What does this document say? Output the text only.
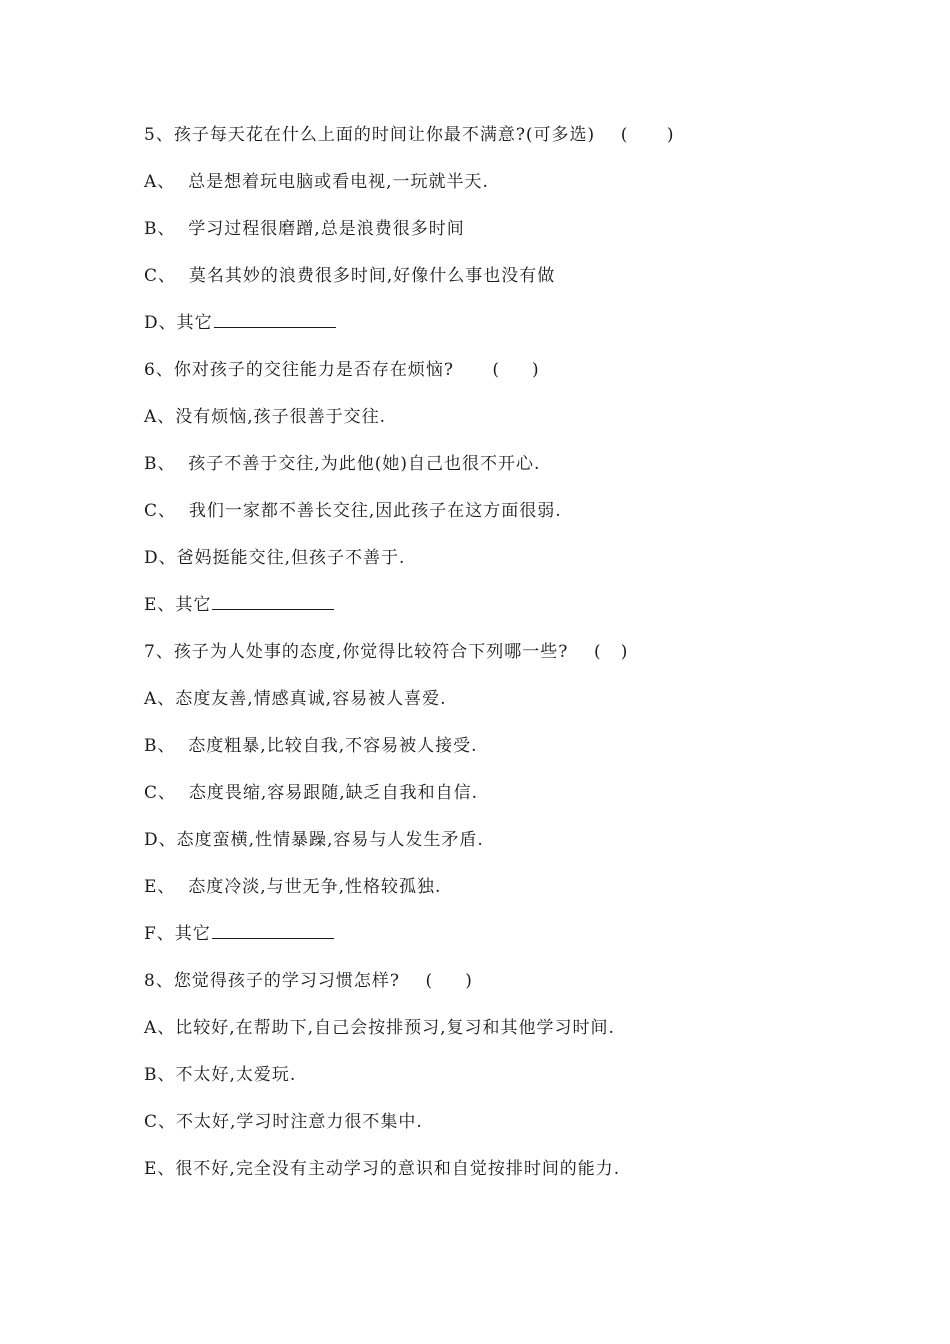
5、孩子每天花在什么上面的时间让你最不满意?(可多选)    (      )
A、  总是想着玩电脑或看电视,一玩就半天.
B、  学习过程很磨蹭,总是浪费很多时间
C、  莫名其妙的浪费很多时间,好像什么事也没有做
D、其它
6、你对孩子的交往能力是否存在烦恼?      (     )
A、没有烦恼,孩子很善于交往.
B、  孩子不善于交往,为此他(她)自己也很不开心.
C、  我们一家都不善长交往,因此孩子在这方面很弱.
D、爸妈挺能交往,但孩子不善于.
E、其它
7、孩子为人处事的态度,你觉得比较符合下列哪一些?    (   )
A、态度友善,情感真诚,容易被人喜爱.
B、  态度粗暴,比较自我,不容易被人接受.
C、  态度畏缩,容易跟随,缺乏自我和自信.
D、态度蛮横,性情暴躁,容易与人发生矛盾.
E、  态度冷淡,与世无争,性格较孤独.
F、其它
8、您觉得孩子的学习习惯怎样?    (     )
A、比较好,在帮助下,自己会按排预习,复习和其他学习时间.
B、不太好,太爱玩.
C、不太好,学习时注意力很不集中.
E、很不好,完全没有主动学习的意识和自觉按排时间的能力.
